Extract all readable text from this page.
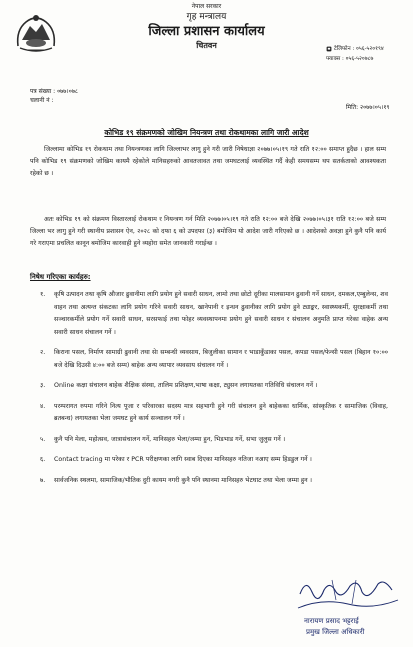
नेपाल सरकार
गृह मन्त्रालय
जिल्ला प्रशासन कार्यालय
चितवन	टेलिफोन : ०५६-५२०१९४
फ्याक्स : ०५६-५२०७८७
पत्र संख्या : ०७७।०७८
चलानी नं :
मिति: २०७७।०५।१९
कोभिड १९ संक्रमणको जोखिम नियन्त्रण तथा रोकथामका लागि जारी आदेश
जिल्लामा कोभिड १९ रोकथाम तथा नियन्त्रणका लागि जिल्लाभर लागु हुने गरी जारी निषेधाज्ञा २०७७।०५।१९ गते राति १२:०० समाप्त हुदैछ । हाल सम्म पनि कोभिड १९ संक्रमणको जोखिम कायमै रहेकोले मानिसहरुको आवतजावत तथा जमघटलाई व्यवस्थित गर्दै केही समयसम्म थप सतर्कताको आवश्यकता रहेको छ ।
अतः कोभिड १९ को संक्रमण विस्तारलाई रोकथाम र नियन्त्रण गर्न मिति २०७७।०५।१९ गते राति १२:०० बजे देखि २०७७।०५।३१ राति १२:०० बजे सम्म जिल्ला भर लागु हुने गरी स्थानीय प्रशासन ऐन, २०२८ को दफा ६ को उपदफा (३) बमोजिम यो आदेश जारी गरिएको छ । आदेशको अवज्ञा हुने कुनै पनि कार्य गरे गराएमा प्रचलित कानून बमोजिम कारवाही हुने व्यहोरा समेत जानकारी गराईन्छ ।
निषेध गरिएका कार्यहरु:
१.	कृषि उत्पादन तथा कृषि औजार ढुवानीमा लागि प्रयोग हुने सवारी साधन, लामो तथा छोटो दूरीका मालसामान ढुवानी गर्ने साधन, दमकल,एम्बुलेन्स, शव वाहन तथा अत्यन्त संकटका लागि प्रयोग गरिने सवारी साधन, खानेपानी र इन्धन ढुवानीका लागि प्रयोग हुने ट्याङ्कर, स्वास्थ्यकर्मी, सुरक्षाकर्मी तथा सञ्चारकर्मीले प्रयोग गर्ने सवारी साधन, सरसफाई तथा फोहर व्यवस्थापनमा प्रयोग हुने सवारी साधन र संचालन अनुमति प्राप्त गरेका वाहेक अन्य सवारी साधन संचालन गर्ने ।
२.	किराना पसल, निर्माण सामाग्री ढुवानी तथा सेा सम्बन्धी व्यवसाय, बिजुलीका सामान र भाडाकुँडाका पसल, कपडा पसल/फेन्सी पसल (बिहान १०:०० बजे देखि दिउसी ४:०० बजे सम्म) बाहेक अन्य व्यापार व्यवसाय संचालन गर्ने ।
३.	Online कक्षा संचालन बाहेक शैक्षिक संस्था, तालिम प्रशिक्षण,भाषा कक्षा, ट्युसन लगायतका गतिविधि संचालन गर्ने ।
४.	परम्परागत रुपमा गरिने नित्य पूजा र परिवारका सदस्य मात्र सहभागी हुने गरी संचालन हुने बाहेकका धार्मिक, सांस्कृतिक र सामाजिक (विवाह, ब्रतबन्ध) लगायतका भेला जमघट हुने कार्य सञ्चालन गर्ने ।
५.	कुनै पनि मेला, महोत्सव, जात्रासंचालन गर्ने, मानिसहरु भेला/जम्मा हुन, भिडभाड गर्ने, सभा जुलुस गर्ने ।
६.	Contact tracing मा परेका र PCR परीक्षणका लागि स्वाब दिएका मानिसहरु नतिजा नआए सम्म हिडडुल गर्ने ।
७.	सार्वजनिक स्थलमा, सामाजिक/भौतिक दुरी कायम नगरी कुनै पनि स्थानमा मानिसहरु भेटघाट तथा भेला जम्मा हुन ।
नारायण प्रसाद भट्टराई
प्रमुख जिल्ला अधिकारी
